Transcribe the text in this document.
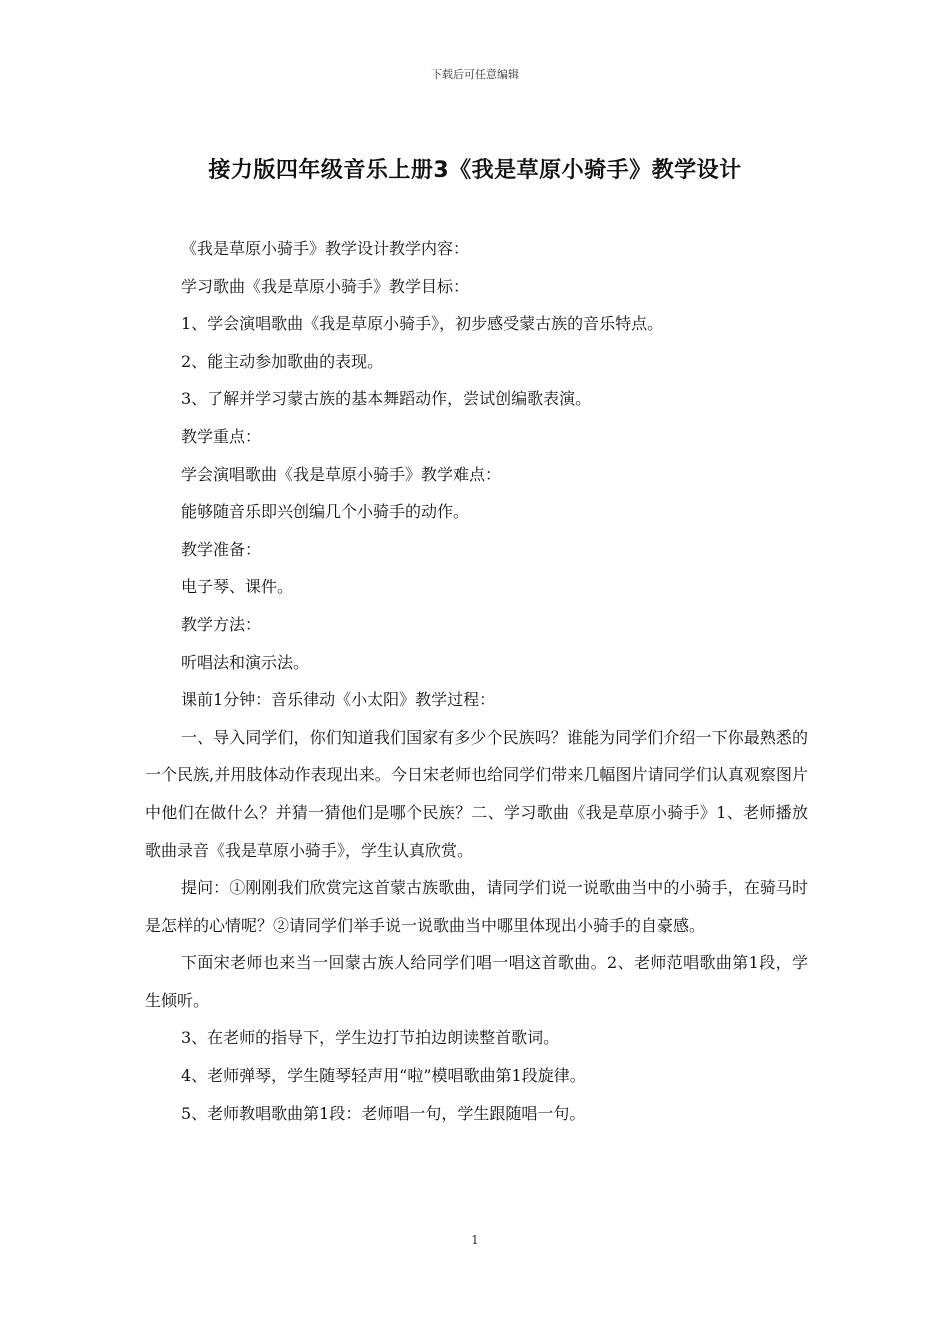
下载后可任意编辑
接力版四年级音乐上册3《我是草原小骑手》教学设计

《我是草原小骑手》教学设计教学内容：

学习歌曲《我是草原小骑手》教学目标：

1、学会演唱歌曲《我是草原小骑手》，初步感受蒙古族的音乐特点。

2、能主动参加歌曲的表现。

3、了解并学习蒙古族的基本舞蹈动作，尝试创编歌表演。

教学重点：

学会演唱歌曲《我是草原小骑手》教学难点：

能够随音乐即兴创编几个小骑手的动作。

教学准备：

电子琴、课件。

教学方法：

听唱法和演示法。

课前1分钟：音乐律动《小太阳》教学过程：

一、导入同学们，你们知道我们国家有多少个民族吗？谁能为同学们介绍一下你最熟悉的一个民族,并用肢体动作表现出来。今日宋老师也给同学们带来几幅图片请同学们认真观察图片中他们在做什么？并猜一猜他们是哪个民族？二、学习歌曲《我是草原小骑手》1、老师播放歌曲录音《我是草原小骑手》，学生认真欣赏。

提问：①刚刚我们欣赏完这首蒙古族歌曲，请同学们说一说歌曲当中的小骑手，在骑马时是怎样的心情呢？②请同学们举手说一说歌曲当中哪里体现出小骑手的自豪感。

下面宋老师也来当一回蒙古族人给同学们唱一唱这首歌曲。2、老师范唱歌曲第1段，学生倾听。

3、在老师的指导下，学生边打节拍边朗读整首歌词。

4、老师弹琴，学生随琴轻声用“啦”模唱歌曲第1段旋律。

5、老师教唱歌曲第1段：老师唱一句，学生跟随唱一句。

1
